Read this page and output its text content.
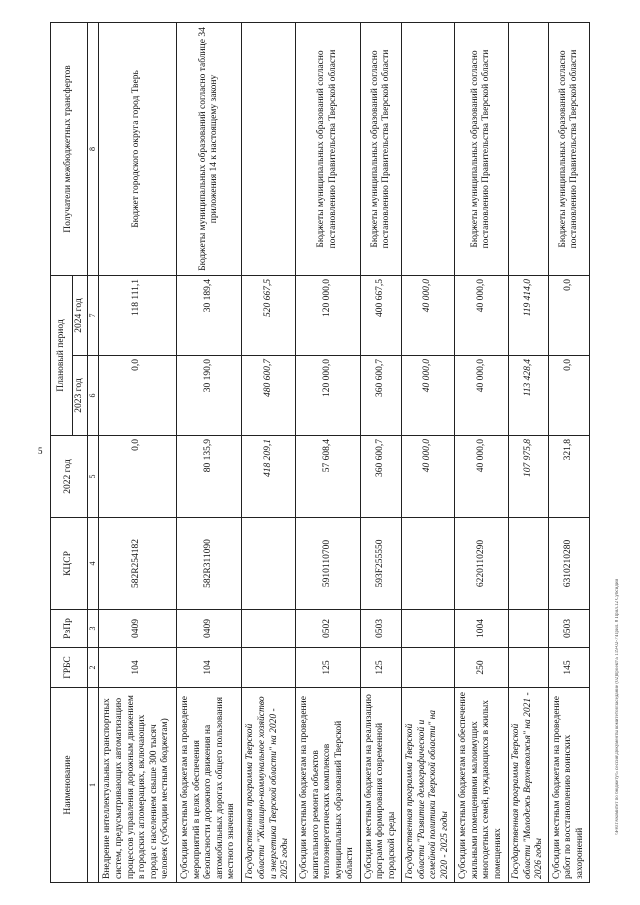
5
\\Fs01\vкомитет по бюджету\5 сессия\Документы комитетов\заседание (02)проект\5 119-02-7\Прил. 8 Прил.12 Субсидии
Наименование	ГРБС	РзПр	КЦСР	2022 год	Плановый период		Получатели межбюджетных трансфертов
					2023 год	2024 год	
1	2	3	4	5	6	7	8
Внедрение интеллектуальных транспортных систем, предусматривающих автоматизацию процессов управления дорожным движением в городских агломерациях, включающих города с населением свыше 300 тысяч человек (субсидии местным бюджетам)	104	0409	582R254182	0,0	0,0	118 111,1	Бюджет городского округа город Тверь
Субсидии местным бюджетам на проведение мероприятий в целях обеспечения безопасности дорожного движения на автомобильных дорогах общего пользования местного значения	104	0409	582R311090	80 135,9	30 190,0	30 189,4	Бюджеты муниципальных образований согласно таблице 34 приложения 14 к настоящему закону
Государственная программа Тверской области "Жилищно-коммунальное хозяйство и энергетика Тверской области" на 2020 - 2025 годы				418 209,1	480 600,7	520 667,5	
Субсидии местным бюджетам на проведение капитального ремонта объектов теплоэнергетических комплексов муниципальных образований Тверской области	125	0502	5910110700	57 608,4	120 000,0	120 000,0	Бюджеты муниципальных образований согласно постановлению Правительства Тверской области
Субсидии местным бюджетам на реализацию программ формирования современной городской среды	125	0503	593F255550	360 600,7	360 600,7	400 667,5	Бюджеты муниципальных образований согласно постановлению Правительства Тверской области
Государственная программа Тверской области "Развитие демографической и семейной политики Тверской области" на 2020 - 2025 годы				40 000,0	40 000,0	40 000,0	
Субсидии местным бюджетам на обеспечение жильными помещениями малоимущих многодетных семей, нуждающихся в жилых помещениях	250	1004	6220110290	40 000,0	40 000,0	40 000,0	Бюджеты муниципальных образований согласно постановлению Правительства Тверской области
Государственная программа Тверской области "Молодежь Верхневолжья" на 2021 - 2026 годы				107 975,8	113 428,4	119 414,0	
Субсидии местным бюджетам на проведение работ по восстановлению воинских захоронений	145	0503	6310210280	321,8	0,0	0,0	Бюджеты муниципальных образований согласно постановлению Правительства Тверской области
